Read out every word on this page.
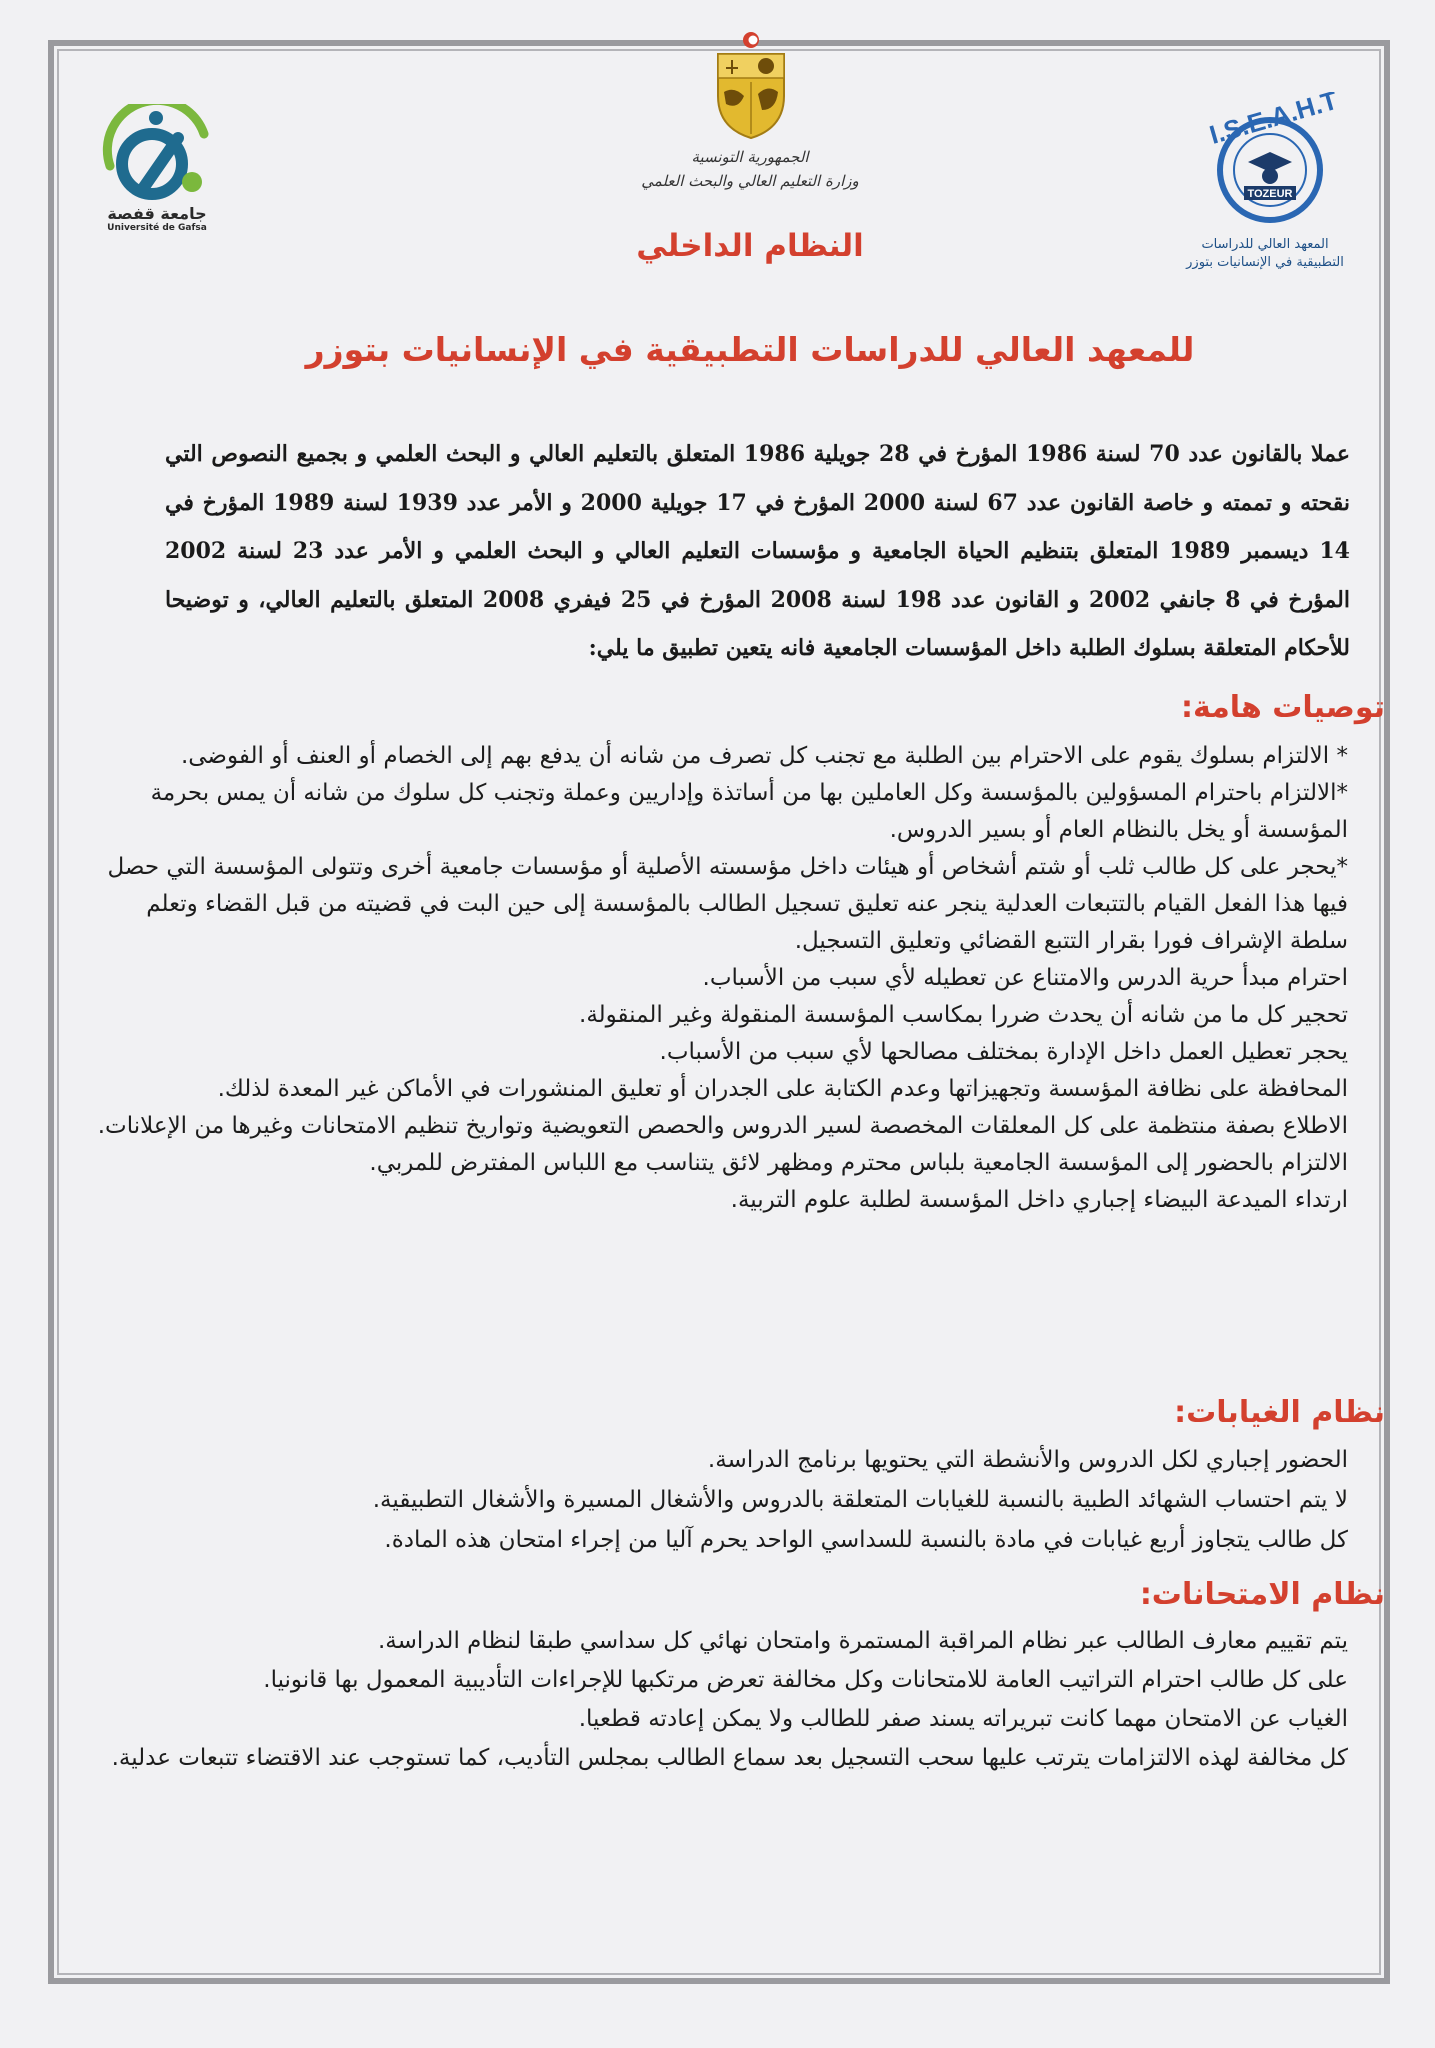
جامعة قفصة
Université de Gafsa
الجمهورية التونسية
وزارة التعليم العالي والبحث العلمي
TOZEUR
I.S.E.A.H.T
المعهد العالي للدراسات التطبيقية في الإنسانيات بتوزر
النظام الداخلي
للمعهد العالي للدراسات التطبيقية في الإنسانيات بتوزر
عملا بالقانون عدد 70 لسنة 1986 المؤرخ في 28 جويلية 1986 المتعلق بالتعليم العالي و البحث العلمي و بجميع النصوص التي نقحته و تممته و خاصة القانون عدد 67 لسنة 2000 المؤرخ في 17 جويلية 2000 و الأمر عدد 1939 لسنة 1989 المؤرخ في 14 ديسمبر 1989 المتعلق بتنظيم الحياة الجامعية و مؤسسات التعليم العالي و البحث العلمي و الأمر عدد 23 لسنة 2002 المؤرخ في 8 جانفي 2002 و القانون عدد 198 لسنة 2008 المؤرخ في 25 فيفري 2008 المتعلق بالتعليم العالي، و توضيحا للأحكام المتعلقة بسلوك الطلبة داخل المؤسسات الجامعية فانه يتعين تطبيق ما يلي:
توصيات هامة:

* الالتزام بسلوك يقوم على الاحترام بين الطلبة مع تجنب كل تصرف من شانه أن يدفع بهم إلى الخصام أو العنف أو الفوضى.

*الالتزام باحترام المسؤولين بالمؤسسة وكل العاملين بها من أساتذة وإداريين وعملة وتجنب كل سلوك من شانه أن يمس بحرمة المؤسسة أو يخل بالنظام العام أو بسير الدروس.

*يحجر على كل طالب ثلب أو شتم أشخاص أو هيئات داخل مؤسسته الأصلية أو مؤسسات جامعية أخرى وتتولى المؤسسة التي حصل فيها هذا الفعل القيام بالتتبعات العدلية ينجر عنه تعليق تسجيل الطالب بالمؤسسة إلى حين البت في قضيته من قبل القضاء وتعلم سلطة الإشراف فورا بقرار التتبع القضائي وتعليق التسجيل.

احترام مبدأ حرية الدرس والامتناع عن تعطيله لأي سبب من الأسباب.

تحجير كل ما من شانه أن يحدث ضررا بمكاسب المؤسسة المنقولة وغير المنقولة.

يحجر تعطيل العمل داخل الإدارة بمختلف مصالحها لأي سبب من الأسباب.

المحافظة على نظافة المؤسسة وتجهيزاتها وعدم الكتابة على الجدران أو تعليق المنشورات في الأماكن غير المعدة لذلك.

الاطلاع بصفة منتظمة على كل المعلقات المخصصة لسير الدروس والحصص التعويضية وتواريخ تنظيم الامتحانات وغيرها من الإعلانات.

الالتزام بالحضور إلى المؤسسة الجامعية بلباس محترم ومظهر لائق يتناسب مع اللباس المفترض للمربي.

ارتداء الميدعة البيضاء إجباري داخل المؤسسة لطلبة علوم التربية.

نظام الغيابات:

الحضور إجباري لكل الدروس والأنشطة التي يحتويها برنامج الدراسة.

لا يتم احتساب الشهائد الطبية بالنسبة للغيابات المتعلقة بالدروس والأشغال المسيرة والأشغال التطبيقية.

كل طالب يتجاوز أربع غيابات في مادة بالنسبة للسداسي الواحد يحرم آليا من إجراء امتحان هذه المادة.

نظام الامتحانات:

يتم تقييم معارف الطالب عبر نظام المراقبة المستمرة وامتحان نهائي كل سداسي طبقا لنظام الدراسة.

على كل طالب احترام التراتيب العامة للامتحانات وكل مخالفة تعرض مرتكبها للإجراءات التأديبية المعمول بها قانونيا.

الغياب عن الامتحان مهما كانت تبريراته يسند صفر للطالب ولا يمكن إعادته قطعيا.

كل مخالفة لهذه الالتزامات يترتب عليها سحب التسجيل بعد سماع الطالب بمجلس التأديب، كما تستوجب عند الاقتضاء تتبعات عدلية.
